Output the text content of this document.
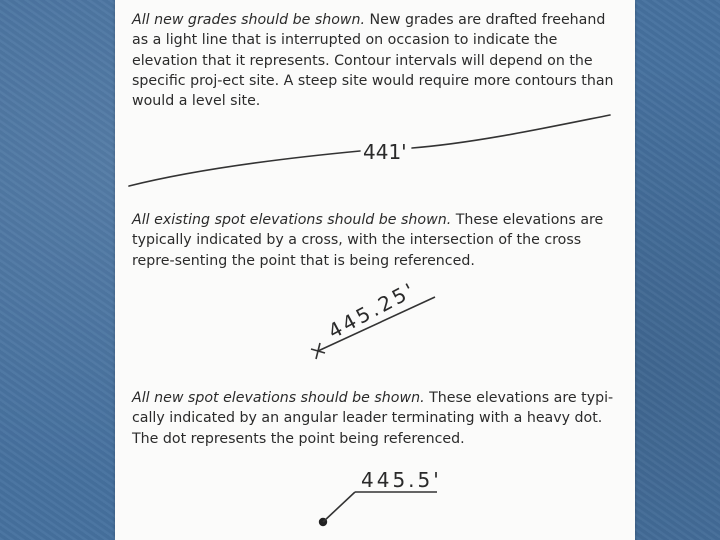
All new grades should be shown. New grades are drafted freehand as a light line that is interrupted on occasion to indicate the elevation that it represents. Contour intervals will depend on the specific proj-ect site. A steep site would require more contours than would a level site.

All existing spot elevations should be shown. These elevations are typically indicated by a cross, with the intersection of the cross repre-senting the point that is being referenced.

All new spot elevations should be shown. These elevations are typi-cally indicated by an angular leader terminating with a heavy dot. The dot represents the point being referenced.

441'
445.25'
445.5'
